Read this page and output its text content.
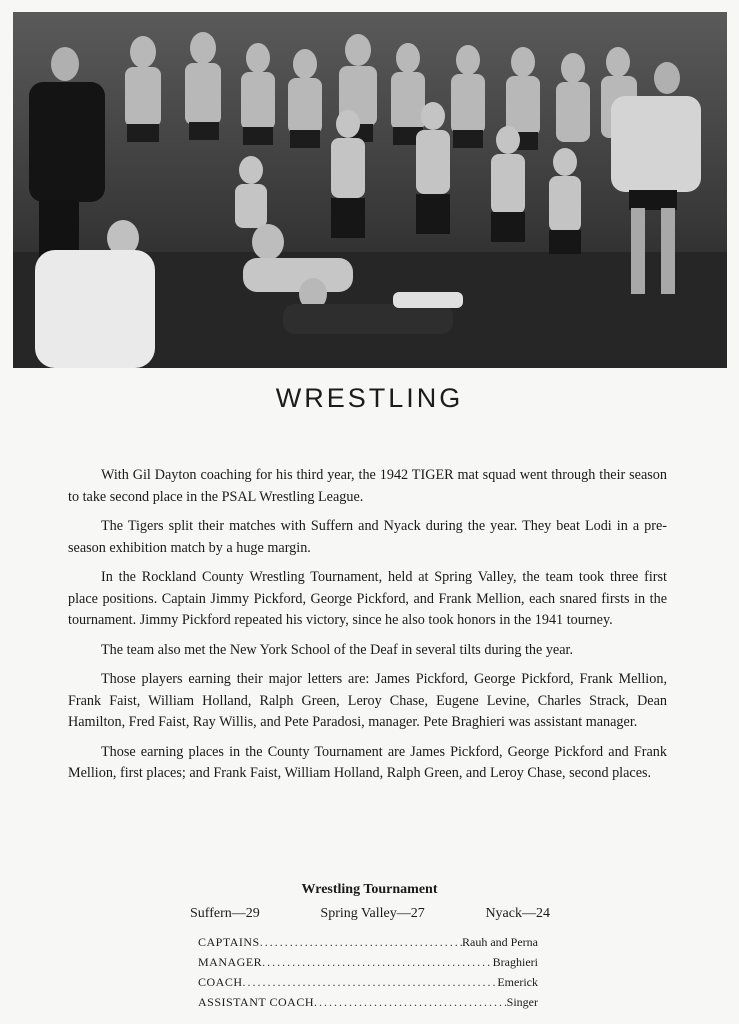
WRESTLING

With Gil Dayton coaching for his third year, the 1942 TIGER mat squad went through their season to take second place in the PSAL Wrestling League.

The Tigers split their matches with Suffern and Nyack during the year. They beat Lodi in a pre-season exhibition match by a huge margin.

In the Rockland County Wrestling Tournament, held at Spring Valley, the team took three first place positions. Captain Jimmy Pickford, George Pickford, and Frank Mellion, each snared firsts in the tournament. Jimmy Pickford repeated his victory, since he also took honors in the 1941 tourney.

The team also met the New York School of the Deaf in several tilts during the year.

Those players earning their major letters are: James Pickford, George Pickford, Frank Mellion, Frank Faist, William Holland, Ralph Green, Leroy Chase, Eugene Levine, Charles Strack, Dean Hamilton, Fred Faist, Ray Willis, and Pete Paradosi, manager. Pete Braghieri was assistant manager.

Those earning places in the County Tournament are James Pickford, George Pickford and Frank Mellion, first places; and Frank Faist, William Holland, Ralph Green, and Leroy Chase, second places.

Wrestling Tournament
Suffern—29	Spring Valley—27	Nyack—24
CAPTAINS .....	Rauh and Perna
MANAGER .....	Braghieri
COACH .....	Emerick
ASSISTANT COACH .....	Singer
